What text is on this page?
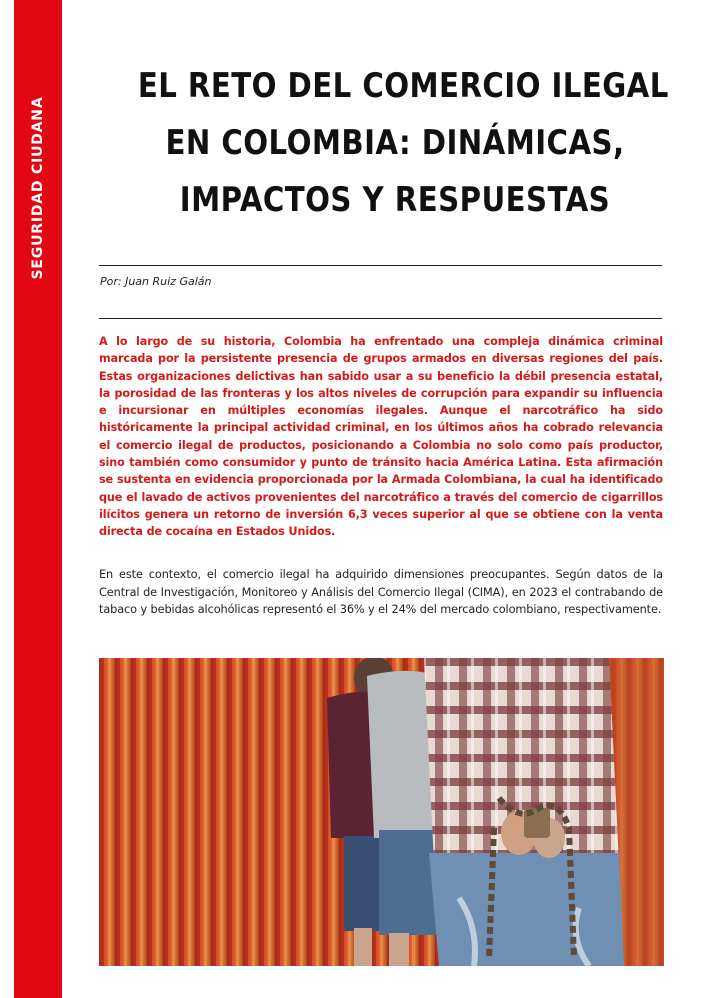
SEGURIDAD CIUDANA
EL RETO DEL COMERCIO ILEGAL
EN COLOMBIA: DINÁMICAS,
IMPACTOS Y RESPUESTAS
Por: Juan Ruiz Galán

A lo largo de su historia, Colombia ha enfrentado una compleja dinámica criminal marcada por la persistente presencia de grupos armados en diversas regiones del país. Estas organizaciones delictivas han sabido usar a su beneficio la débil presencia estatal, la porosidad de las fronteras y los altos niveles de corrupción para expandir su influencia e incursionar en múltiples economías ilegales. Aunque el narcotráfico ha sido históricamente la principal actividad criminal, en los últimos años ha cobrado relevancia el comercio ilegal de productos, posicionando a Colombia no solo como país productor, sino también como consumidor y punto de tránsito hacia América Latina. Esta afirmación se sustenta en evidencia proporcionada por la Armada Colombiana, la cual ha identificado que el lavado de activos provenientes del narcotráfico a través del comercio de cigarrillos ilícitos genera un retorno de inversión 6,3 veces superior al que se obtiene con la venta directa de cocaína en Estados Unidos.

En este contexto, el comercio ilegal ha adquirido dimensiones preocupantes. Según datos de la Central de Investigación, Monitoreo y Análisis del Comercio Ilegal (CIMA), en 2023 el contrabando de tabaco y bebidas alcohólicas representó el 36% y el 24% del mercado colombiano, respectivamente.
